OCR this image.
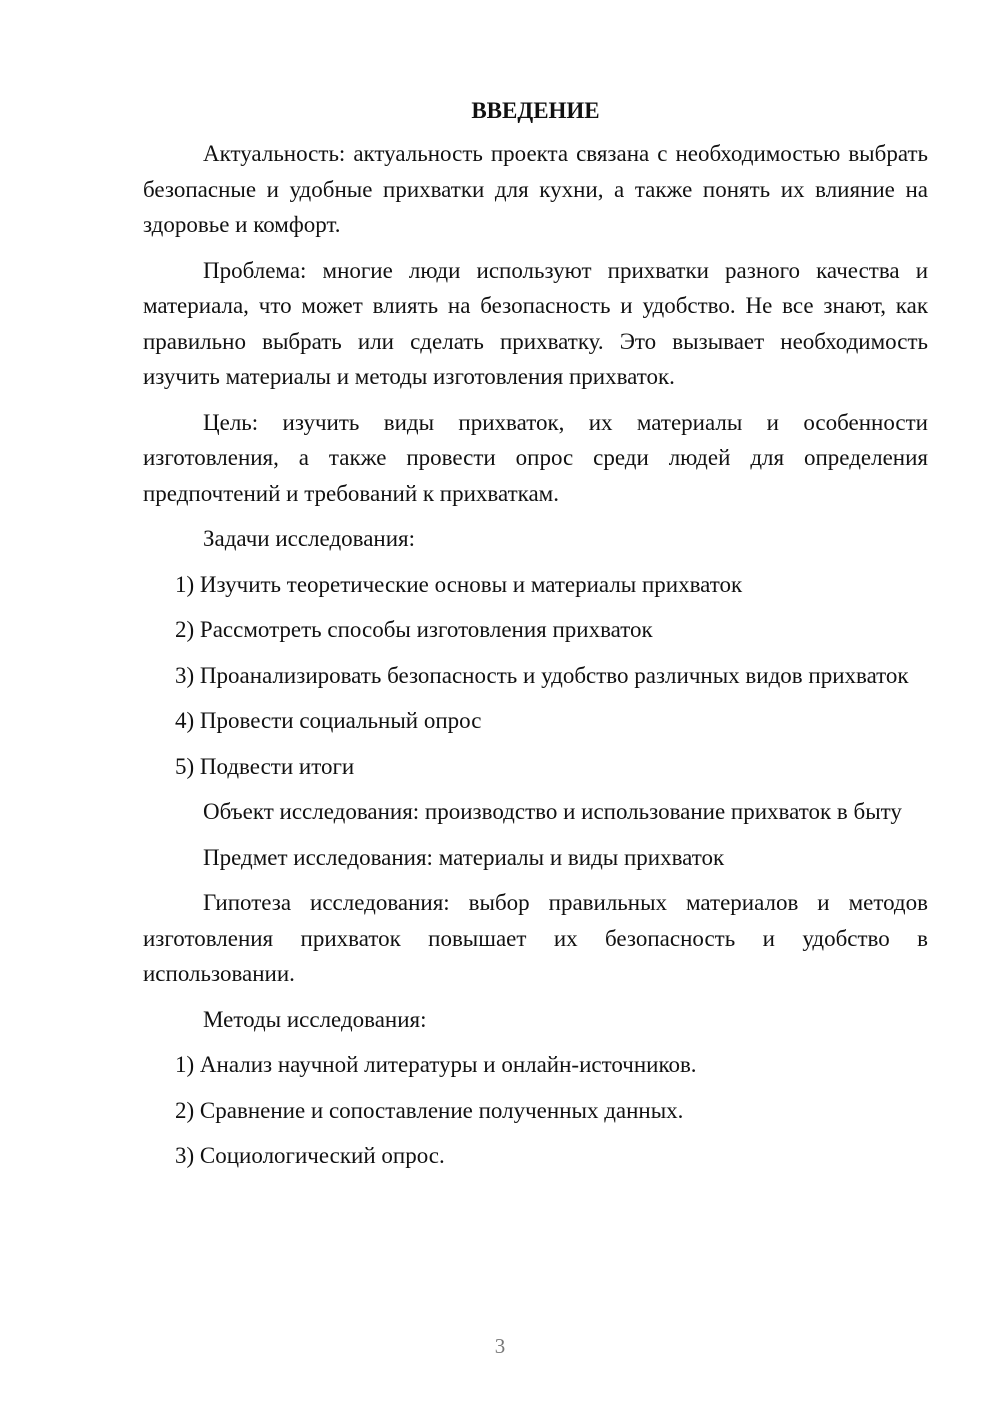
ВВЕДЕНИЕ

Актуальность: актуальность проекта связана с необходимостью выбрать безопасные и удобные прихватки для кухни, а также понять их влияние на здоровье и комфорт.

Проблема: многие люди используют прихватки разного качества и материала, что может влиять на безопасность и удобство. Не все знают, как правильно выбрать или сделать прихватку. Это вызывает необходимость изучить материалы и методы изготовления прихваток.

Цель: изучить виды прихваток, их материалы и особенности изготовления, а также провести опрос среди людей для определения предпочтений и требований к прихваткам.

Задачи исследования:

1) Изучить теоретические основы и материалы прихваток

2) Рассмотреть способы изготовления прихваток

3) Проанализировать безопасность и удобство различных видов прихваток

4) Провести социальный опрос

5) Подвести итоги

Объект исследования: производство и использование прихваток в быту

Предмет исследования: материалы и виды прихваток

Гипотеза исследования: выбор правильных материалов и методов изготовления прихваток повышает их безопасность и удобство в использовании.

Методы исследования:

1) Анализ научной литературы и онлайн-источников.

2) Сравнение и сопоставление полученных данных.

3) Социологический опрос.

3
